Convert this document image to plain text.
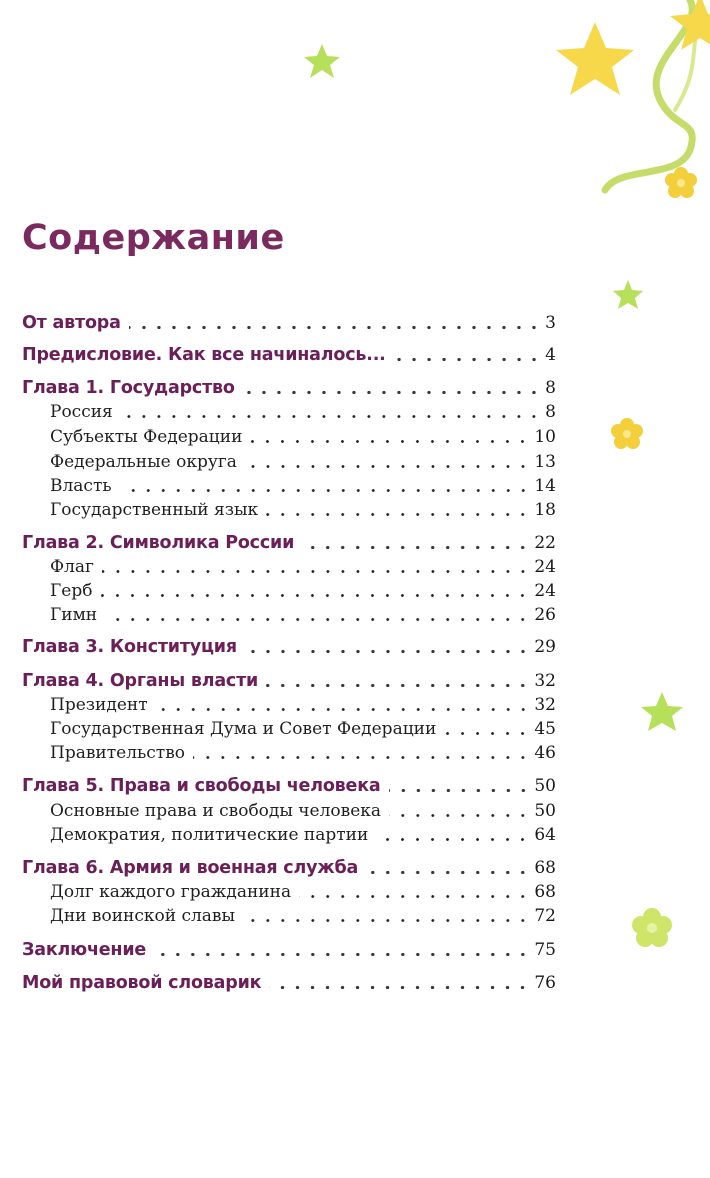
Содержание
От автора	3
Предисловие. Как все начиналось...	4
Глава 1. Государство	8
Россия	8
Субъекты Федерации	10
Федеральные округа	13
Власть	14
Государственный язык	18
Глава 2. Символика России	22
Флаг	24
Герб	24
Гимн	26
Глава 3. Конституция	29
Глава 4. Органы власти	32
Президент	32
Государственная Дума и Совет Федерации	45
Правительство	46
Глава 5. Права и свободы человека	50
Основные права и свободы человека	50
Демократия, политические партии	64
Глава 6. Армия и военная служба	68
Долг каждого гражданина	68
Дни воинской славы	72
Заключение	75
Мой правовой словарик	76
